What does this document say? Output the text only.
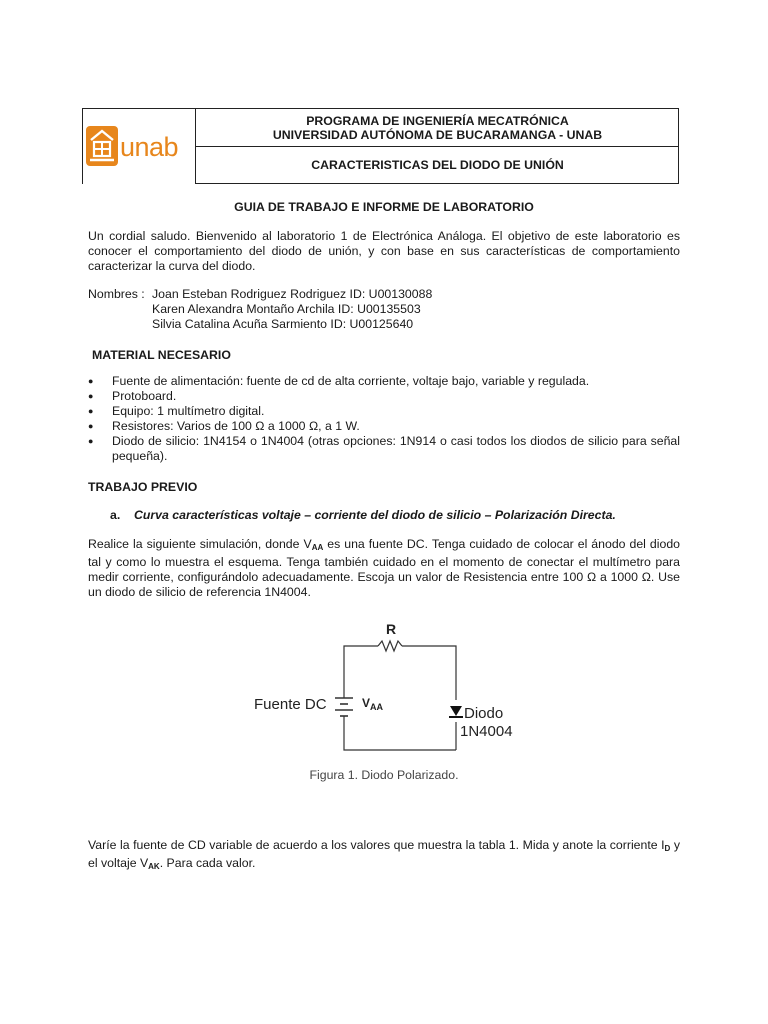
unab
PROGRAMA DE INGENIERÍA MECATRÓNICA
UNIVERSIDAD AUTÓNOMA DE BUCARAMANGA - UNAB
CARACTERISTICAS DEL DIODO DE UNIÓN
GUIA DE TRABAJO E INFORME DE LABORATORIO

Un cordial saludo. Bienvenido al laboratorio 1 de Electrónica Análoga. El objetivo de este laboratorio es conocer el comportamiento del diodo de unión, y con base en sus características de comportamiento caracterizar la curva del diodo.

Nombres : Joan Esteban Rodriguez Rodriguez ID: U00130088
Karen Alexandra Montaño Archila ID: U00135503
Silvia Catalina Acuña Sarmiento ID: U00125640
MATERIAL NECESARIO
● Fuente de alimentación: fuente de cd de alta corriente, voltaje bajo, variable y regulada.
● Protoboard.
● Equipo: 1 multímetro digital.
● Resistores: Varios de 100 Ω a 1000 Ω, a 1 W.
● Diodo de silicio: 1N4154 o 1N4004 (otras opciones: 1N914 o casi todos los diodos de silicio para señal pequeña).
TRABAJO PREVIO
a. Curva características voltaje – corriente del diodo de silicio – Polarización Directa.

Realice la siguiente simulación, donde $V_{AA}$ es una fuente DC. Tenga cuidado de colocar el ánodo del diodo tal y como lo muestra el esquema. Tenga también cuidado en el momento de conectar el multímetro para medir corriente, configurándolo adecuadamente. Escoja un valor de Resistencia entre 100 Ω a 1000 Ω. Use un diodo de silicio de referencia 1N4004.

R
Fuente DC	$V_{AA}$	Diodo
1N4004
Figura 1. Diodo Polarizado.

Varíe la fuente de CD variable de acuerdo a los valores que muestra la tabla 1. Mida y anote la corriente $I_D$ y el voltaje $V_{AK}$. Para cada valor.
